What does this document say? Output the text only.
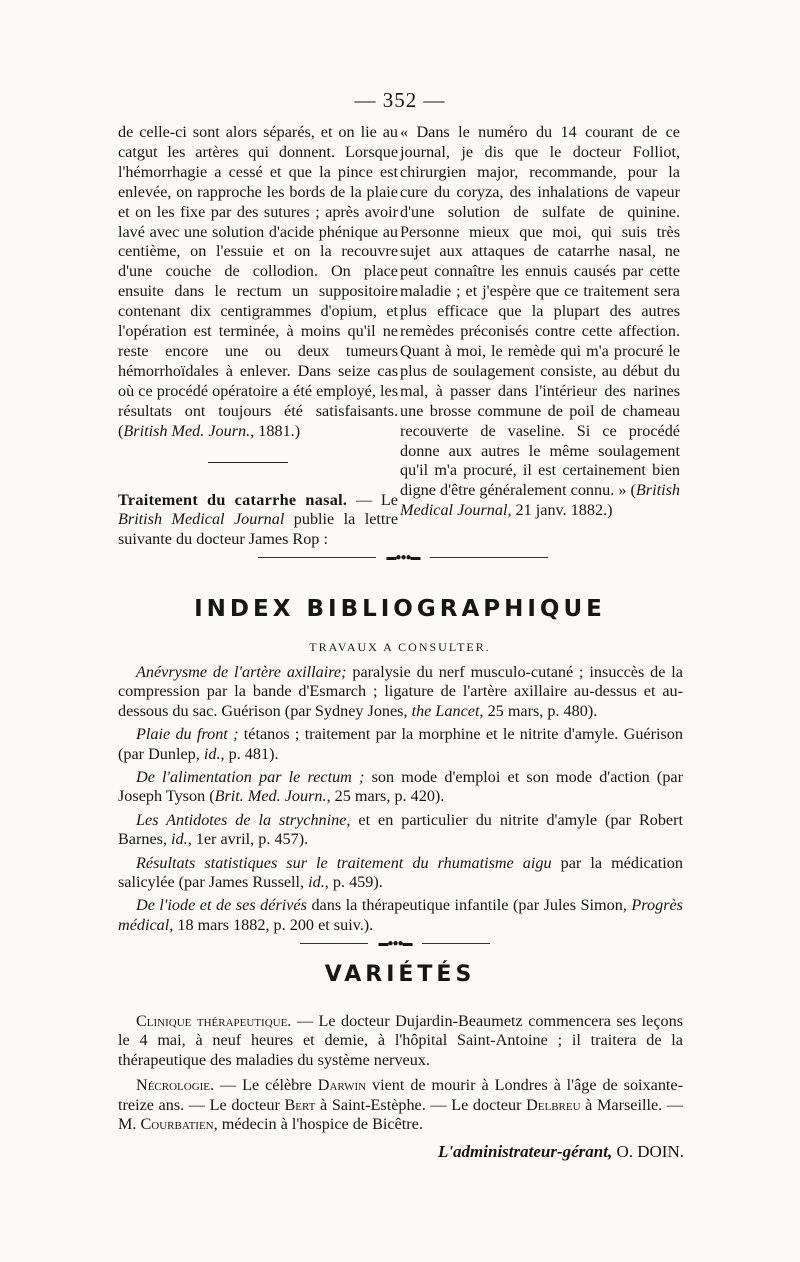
— 352 —

de celle-ci sont alors séparés, et on lie au catgut les artères qui donnent. Lorsque l'hémorrhagie a cessé et que la pince est enlevée, on rapproche les bords de la plaie et on les fixe par des sutures ; après avoir lavé avec une solution d'acide phénique au centième, on l'essuie et on la recouvre d'une couche de collodion. On place ensuite dans le rectum un suppositoire contenant dix centigrammes d'opium, et l'opération est terminée, à moins qu'il ne reste encore une ou deux tumeurs hémorrhoïdales à enlever. Dans seize cas où ce procédé opératoire a été employé, les résultats ont toujours été satisfaisants. (British Med. Journ., 1881.)

Traitement du catarrhe nasal. — Le British Medical Journal publie la lettre suivante du docteur James Rop :

« Dans le numéro du 14 courant de ce journal, je dis que le docteur Folliot, chirurgien major, recommande, pour la cure du coryza, des inhalations de vapeur d'une solution de sulfate de quinine. Personne mieux que moi, qui suis très sujet aux attaques de catarrhe nasal, ne peut connaître les ennuis causés par cette maladie ; et j'espère que ce traitement sera plus efficace que la plupart des autres remèdes préconisés contre cette affection. Quant à moi, le remède qui m'a procuré le plus de soulagement consiste, au début du mal, à passer dans l'intérieur des narines une brosse commune de poil de chameau recouverte de vaseline. Si ce procédé donne aux autres le même soulagement qu'il m'a procuré, il est certainement bien digne d'être généralement connu. » (British Medical Journal, 21 janv. 1882.)

▬●●●▬
INDEX BIBLIOGRAPHIQUE
TRAVAUX A CONSULTER.

Anévrysme de l'artère axillaire; paralysie du nerf musculo-cutané ; insuccès de la compression par la bande d'Esmarch ; ligature de l'artère axillaire au-dessus et au-dessous du sac. Guérison (par Sydney Jones, the Lancet, 25 mars, p. 480).

Plaie du front ; tétanos ; traitement par la morphine et le nitrite d'amyle. Guérison (par Dunlep, id., p. 481).

De l'alimentation par le rectum ; son mode d'emploi et son mode d'action (par Joseph Tyson (Brit. Med. Journ., 25 mars, p. 420).

Les Antidotes de la strychnine, et en particulier du nitrite d'amyle (par Robert Barnes, id., 1er avril, p. 457).

Résultats statistiques sur le traitement du rhumatisme aigu par la médication salicylée (par James Russell, id., p. 459).

De l'iode et de ses dérivés dans la thérapeutique infantile (par Jules Simon, Progrès médical, 18 mars 1882, p. 200 et suiv.).

▬●●●▬
VARIÉTÉS

Clinique thérapeutique. — Le docteur Dujardin-Beaumetz commencera ses leçons le 4 mai, à neuf heures et demie, à l'hôpital Saint-Antoine ; il traitera de la thérapeutique des maladies du système nerveux.

Nécrologie. — Le célèbre Darwin vient de mourir à Londres à l'âge de soixante-treize ans. — Le docteur Bert à Saint-Estèphe. — Le docteur Delbreu à Marseille. — M. Courbatien, médecin à l'hospice de Bicêtre.

L'administrateur-gérant, O. DOIN.
